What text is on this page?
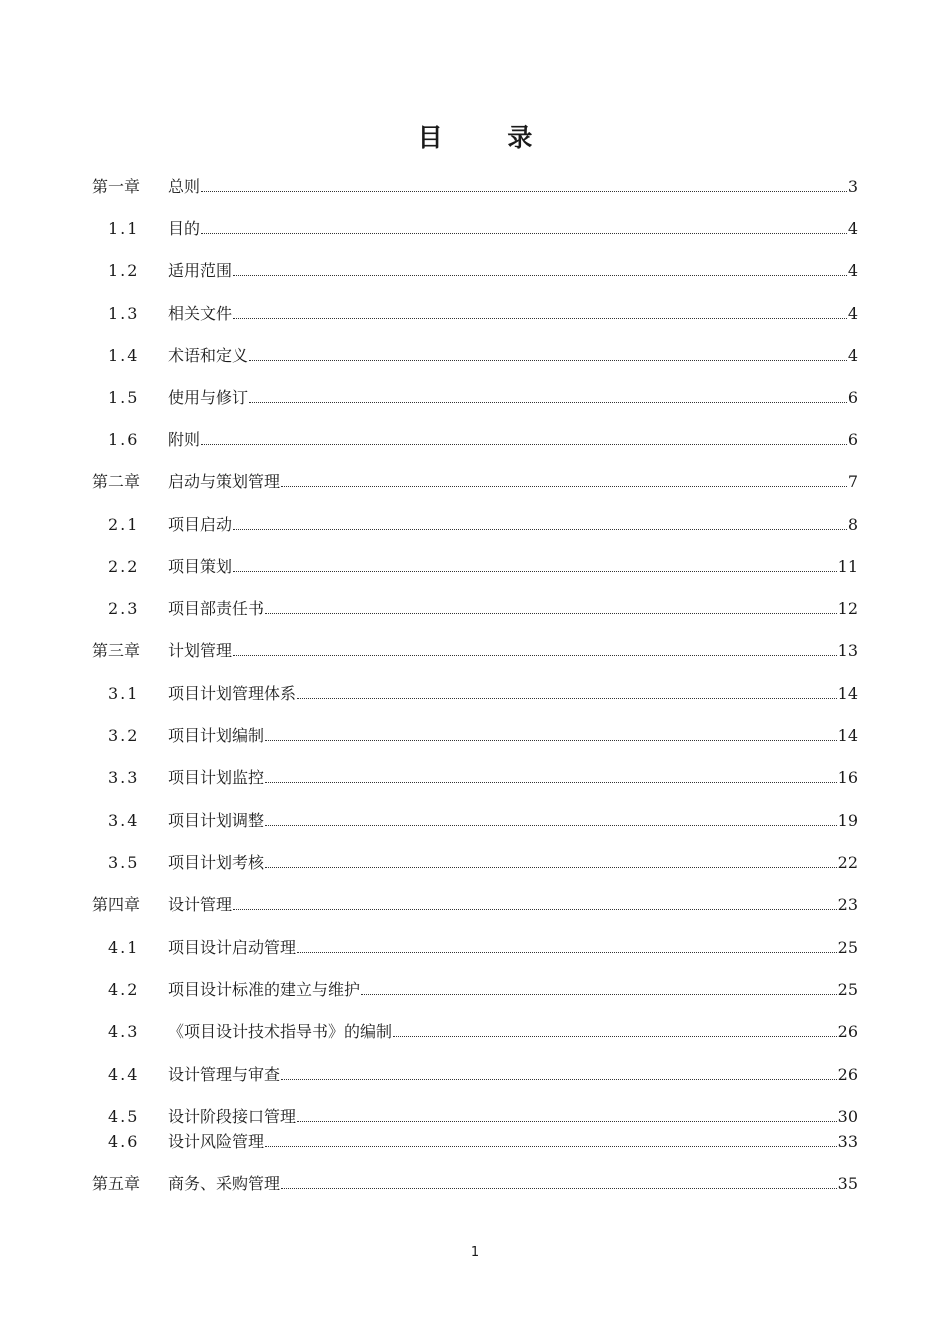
目 录
第一章 总则	3
1.1 目的	4
1.2 适用范围	4
1.3 相关文件	4
1.4 术语和定义	4
1.5 使用与修订	6
1.6 附则	6
第二章 启动与策划管理	7
2.1 项目启动	8
2.2 项目策划	11
2.3 项目部责任书	12
第三章 计划管理	13
3.1 项目计划管理体系	14
3.2 项目计划编制	14
3.3 项目计划监控	16
3.4 项目计划调整	19
3.5 项目计划考核	22
第四章 设计管理	23
4.1 项目设计启动管理	25
4.2 项目设计标准的建立与维护	25
4.3 《项目设计技术指导书》的编制	26
4.4 设计管理与审查	26
4.5 设计阶段接口管理	30
4.6 设计风险管理	33
第五章 商务、采购管理	35
1
